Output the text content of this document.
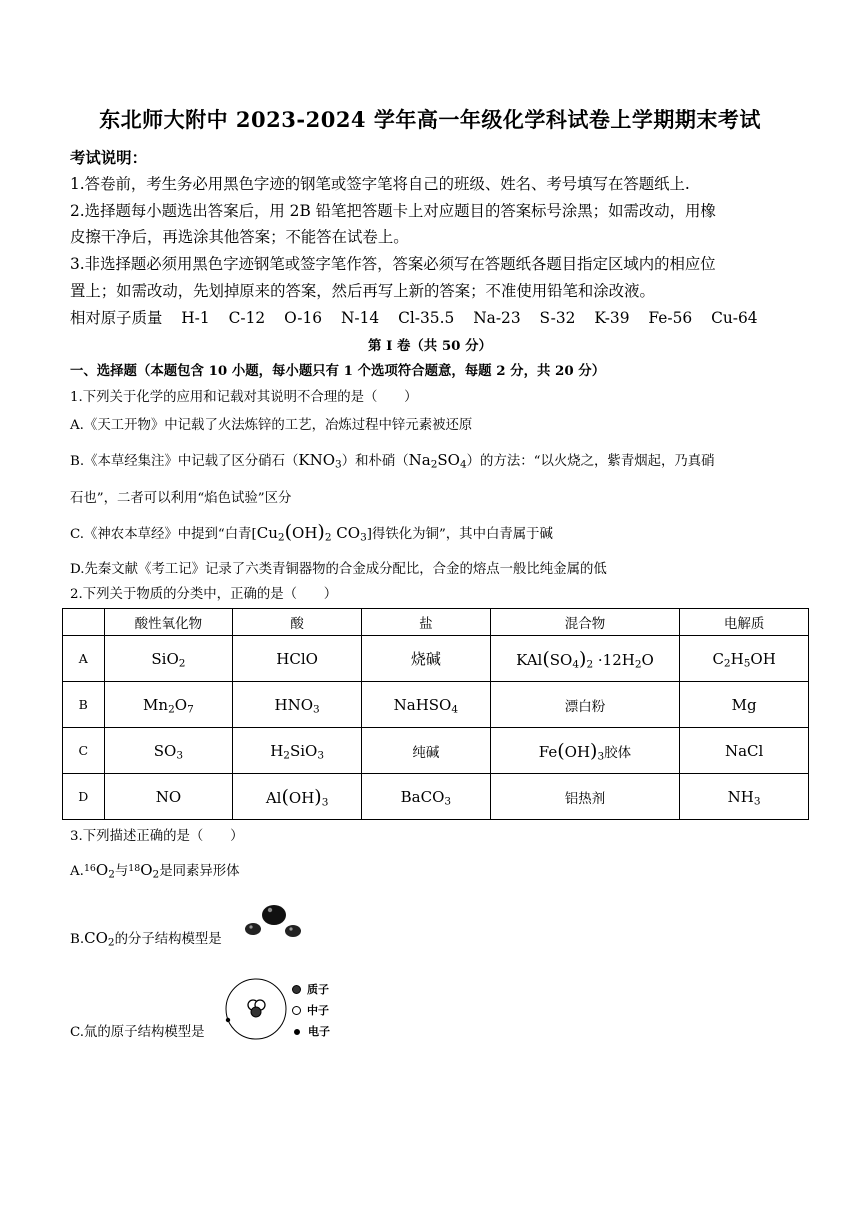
东北师大附中 2023-2024 学年高一年级化学科试卷上学期期末考试
考试说明：
1.答卷前，考生务必用黑色字迹的钢笔或签字笔将自己的班级、姓名、考号填写在答题纸上.
2.选择题每小题选出答案后，用 2B 铅笔把答题卡上对应题目的答案标号涂黑；如需改动，用橡
皮擦干净后，再选涂其他答案；不能答在试卷上。
3.非选择题必须用黑色字迹钢笔或签字笔作答，答案必须写在答题纸各题目指定区域内的相应位
置上；如需改动，先划掉原来的答案，然后再写上新的答案；不准使用铅笔和涂改液。
相对原子质量 H-1 C-12 O-16 N-14 Cl-35.5 Na-23 S-32 K-39 Fe-56 Cu-64
第 I 卷（共 50 分）
一、选择题（本题包含 10 小题，每小题只有 1 个选项符合题意，每题 2 分，共 20 分）
1.下列关于化学的应用和记载对其说明不合理的是（　　）
A.《天工开物》中记载了火法炼锌的工艺，冶炼过程中锌元素被还原
B.《本草经集注》中记载了区分硝石$(KNO_3)$和朴硝$(Na_2SO_4)$的方法：“以火烧之，紫青烟起，乃真硝
石也”，二者可以利用“焰色试验”区分
C.《神农本草经》中提到“白青[$Cu_2(OH)_2$ $CO_3$]得铁化为铜”，其中白青属于碱
D.先秦文献《考工记》记录了六类青铜器物的合金成分配比，合金的熔点一般比纯金属的低
2.下列关于物质的分类中，正确的是（　　）
	酸性氧化物	酸	盐	混合物	电解质
A	SiO$_2$	HClO	烧碱	$KAl(SO_4)_2 \cdot 12H_2O$	$C_2H_5OH$
B	$Mn_2O_7$	$HNO_3$	NaHSO$_4$	漂白粉	Mg
C	$SO_3$	$H_2SiO_3$	纯碱	$Fe(OH)_3$胶体	NaCl
D	NO	$Al(OH)_3$	BaCO$_3$	铝热剂	$NH_3$
3.下列描述正确的是（　　）
$A.^{16}O_2$与$^{18}O_2$是同素异形体
$B.CO_2$的分子结构模型是
C.氚的原子结构模型是
质子
中子
电子
